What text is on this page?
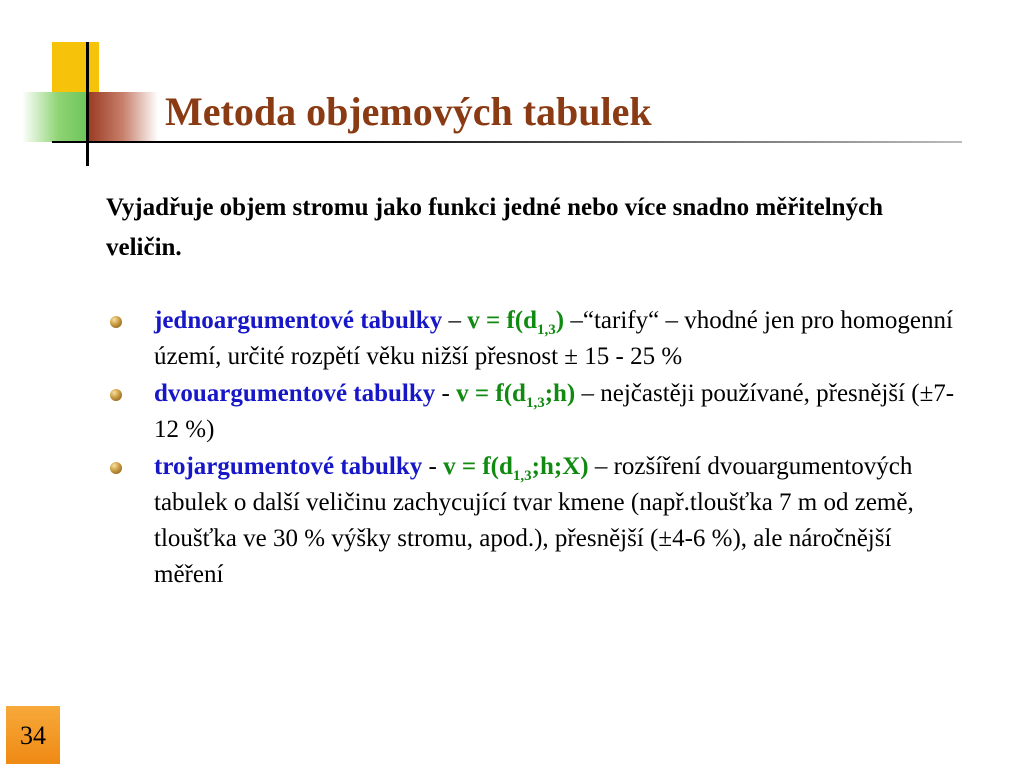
Metoda objemových tabulek

Vyjadřuje objem stromu jako funkci jedné nebo více snadno měřitelných veličin.

jednoargumentové tabulky – $v = f(d_{1,3})$ –“tarify“ – vhodné jen pro homogenní území, určité rozpětí věku nižší přesnost ± 15 - 25 %
dvouargumentové tabulky - $v = f(d_{1,3};h)$ – nejčastěji používané, přesnější (±7-12 %)
trojargumentové tabulky - $v = f(d_{1,3};h;X)$ – rozšíření dvouargumentových tabulek o další veličinu zachycující tvar kmene (např.tloušťka 7 m od země, tloušťka ve 30 % výšky stromu, apod.), přesnější (±4-6 %), ale náročnější měření
34
